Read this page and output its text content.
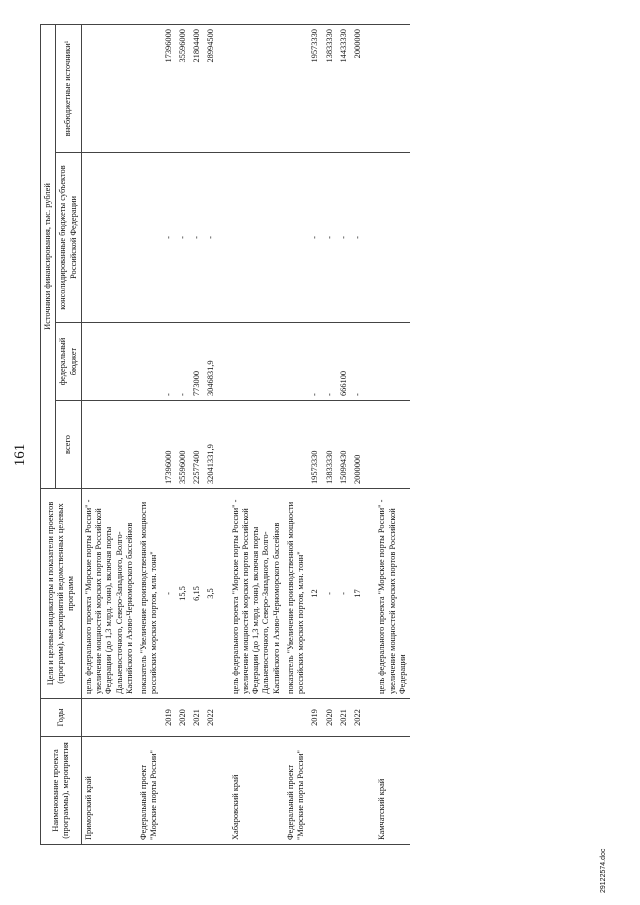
161
Наименование проекта (программы), мероприятия	Годы	Цели и целевые индикаторы и показатели проектов (программ), мероприятий ведомственных целевых программ	Источники финансирования, тыс. рублей			
			всего	федеральный бюджет	консолидированные бюджеты субъектов Российской Федерации	внебюджетные источники¹
Приморский край		цель федерального проекта "Морские порты России" - увеличение мощностей морских портов Российской Федерации (до 1,3 млрд. тонн), включая порты Дальневосточного, Северо-Западного, Волго-Каспийского и Азово-Черноморского бассейнов				
Федеральный проект "Морские порты России"		показатель "Увеличение производственной мощности российских морских портов, млн. тонн"				
	2019	-	17396000	-	-	17396000
	2020	15,5	35596000	-	-	35596000
	2021	6,15	22577400	773000	-	21804400
	2022	3,5	32041331,9	3046831,9	-	28994500

Хабаровский край		цель федерального проекта "Морские порты России" - увеличение мощностей морских портов Российской Федерации (до 1,3 млрд. тонн), включая порты Дальневосточного, Северо-Западного, Волго-Каспийского и Азово-Черноморского бассейнов				
Федеральный проект "Морские порты России"		показатель "Увеличение производственной мощности российских морских портов, млн. тонн"				
	2019	12	19573330	-	-	19573330
	2020	-	13833330	-	-	13833330
	2021	-	15099430	666100	-	14433330
	2022	17	2000000	-	-	2000000

Камчатский край		цель федерального проекта "Морские порты России" - увеличение мощностей морских портов Российской Федерации				
29122574.doc
